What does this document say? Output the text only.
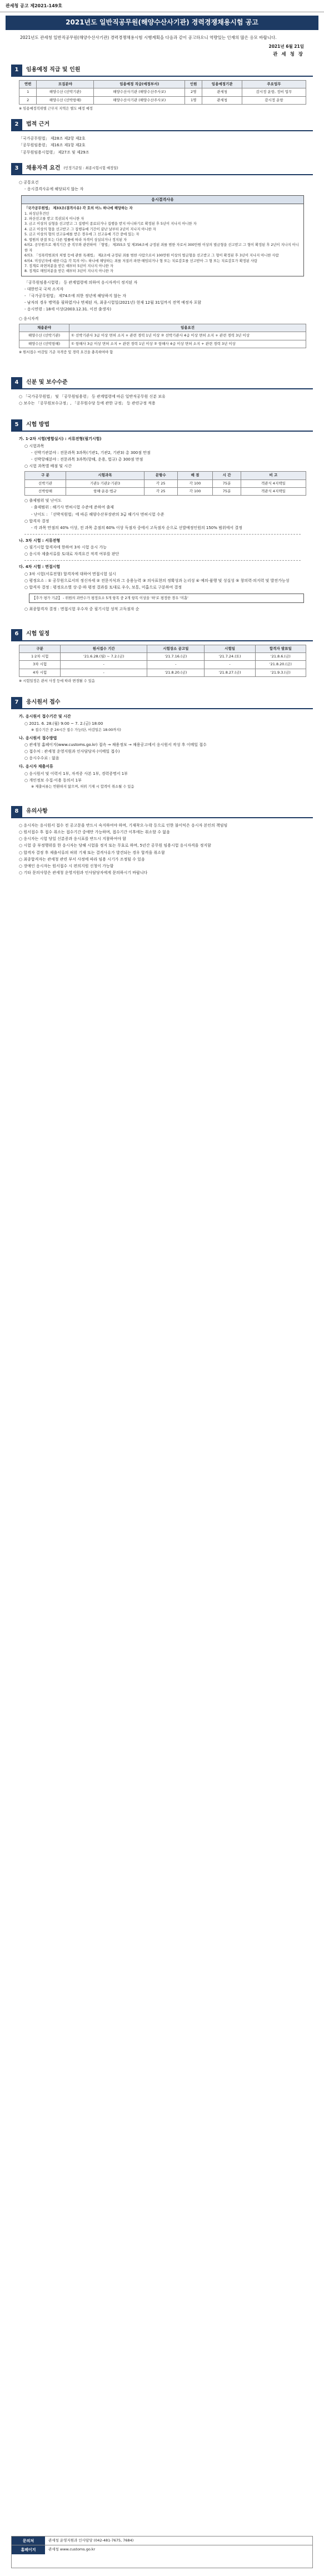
관세청 공고 제2021-149호
2021년도 일반직공무원(해양수산사기관) 경력경쟁채용시험 공고

2021년도 관세청 일반직공무원(해양수산사기관) 경력경쟁채용시험 시행계획을 다음과 같이 공고하오니 역량있는 인재의 많은 응모 바랍니다.

2021년 6월 21일

관 세 청 장

1	임용예정 직급 및 인원
연번	모집분야	임용예정 직급(예정부서)	인원	임용예정기관	주요업무
1	해양수산 (선박기관)	해양수산사기관 (해양수산주사보)	2명	관세청	감시정 운항, 정비 업무
2	해양수산 (선박항해)	해양수산사기관 (해양수산주사보)	1명	관세청	감시정 운항

※ 임용예정직위별 근무지 지역은 별도 배정 예정

2	법적 근거

「국가공무원법」 제28조 제2항 제2호

「공무원임용령」 제16조 제1항 제2호

「공무원임용시험령」 제27조 및 제29조

3	채용자격 요건 (인정기준일 : 최종시험시험 예정일)

○ 공통요건

- 응시결격사유에 해당되지 않는 자

응시결격사유
「국가공무원법」 제33조(결격사유) 각 호의 어느 하나에 해당하는 자
1. 피성년후견인
2. 파산선고를 받고 복권되지 아니한 자
3. 금고 이상의 실형을 선고받고 그 집행이 종료되거나 집행을 받지 아니하기로 확정된 후 5년이 지나지 아니한 자
4. 금고 이상의 형을 선고받고 그 집행유예 기간이 끝난 날부터 2년이 지나지 아니한 자
5. 금고 이상의 형의 선고유예를 받은 경우에 그 선고유예 기간 중에 있는 자
6. 법원의 판결 또는 다른 법률에 따라 자격이 상실되거나 정지된 자
6의2. 공무원으로 재직기간 중 직무와 관련하여 「형법」 제355조 및 제356조에 규정된 죄를 범한 자로서 300만원 이상의 벌금형을 선고받고 그 형이 확정된 후 2년이 지나지 아니한 자
6의3. 「성폭력범죄의 처벌 등에 관한 특례법」 제2조에 규정된 죄를 범한 사람으로서 100만원 이상의 벌금형을 선고받고 그 형이 확정된 후 3년이 지나지 아니한 사람
6의4. 미성년자에 대한 다음 각 목의 어느 하나에 해당하는 죄를 저질러 파면·해임되거나 형 또는 치료감호를 선고받아 그 형 또는 치료감호가 확정된 사람
7. 징계로 파면처분을 받은 때부터 5년이 지나지 아니한 자
8. 징계로 해임처분을 받은 때부터 3년이 지나지 아니한 자

「공무원임용시험령」 등 관계법령에 의하여 응시자격이 정지된 자

- 대한민국 국적 소지자

- 「국가공무원법」 제74조에 의한 정년에 해당하지 않는 자

- 남자의 경우 병역을 필하였거나 면제된 자, 최종시험일(2021년) 현재 12월 31일까지 전역 예정자 포함

- 응시연령 : 18세 이상(2003.12.31. 이전 출생자)

○ 응시자격

채용분야	임용요건
해양수산 (선박기관)	① 선박기관사 3급 이상 면허 소지 + 관련 경력 1년 이상 ② 선박기관사 4급 이상 면허 소지 + 관련 경력 3년 이상
해양수산 (선박항해)	① 항해사 3급 이상 면허 소지 + 관련 경력 1년 이상 ② 항해사 4급 이상 면허 소지 + 관련 경력 3년 이상

※ 원서접수 마감일 기준 자격증 및 경력 요건을 충족하여야 함

4	신분 및 보수수준

○ 「국가공무원법」 및 「공무원임용령」 등 관계법령에 따른 일반직공무원 신분 보유

○ 보수는 「공무원보수규정」, 「공무원수당 등에 관한 규정」 등 관련규정 적용

5	시험 방법

가. 1·2차 시험(병합실시) : 서류전형(필기시험)

○ 시험과목

- 선박기관분야 : 전문과목 3과목(기관1, 기관2, 기관3) 총 300점 만점

- 선박항해분야 : 전문과목 3과목(항해, 운용, 법규) 총 300점 만점

○ 시험 과목별 배점 및 시간

구 분	시험과목	문항수	배 점	시 간	비 고
선박기관	기관1·기관2·기관3	각 25	각 100	75분	객관식 4지택일
선박항해	항해·운용·법규	각 25	각 100	75분	객관식 4지택일

○ 출제범위 및 난이도

- 출제범위 : 해기사 면허시험 수준에 준하여 출제

- 난이도 : 「선박직원법」에 따른 해양수산부장관의 3급 해기사 면허시험 수준

○ 합격자 결정

- 각 과목 만점의 40% 이상, 전 과목 총점의 60% 이상 득점자 중에서 고득점자 순으로 선발예정인원의 150% 범위에서 결정

나. 3차 시험 : 서류전형

○ 필기시험 합격자에 한하여 3차 시험 응시 가능

○ 응시자 제출서류를 토대로 자격요건 적격 여부를 판단

다. 4차 시험 : 면접시험

○ 3차 시험(서류전형) 합격자에 대하여 면접시험 실시

○ 평정요소 : ① 공무원으로서의 정신자세 ② 전문지식과 그 응용능력 ③ 의사표현의 정확성과 논리성 ④ 예의·품행 및 성실성 ⑤ 창의력·의지력 및 발전가능성

○ 합격자 결정 : 평정요소별 상·중·하 평정 결과를 토대로 우수, 보통, 미흡으로 구분하여 결정

【추가 평가 기준】 - 위원의 과반수가 평정요소 5개 항목 중 2개 항목 이상을 '하'로 평정한 경우 '미흡'

○ 최종합격자 결정 : 면접시험 우수자 중 필기시험 성적 고득점자 순

6	시험 일정
구분	원서접수 기간	시험장소 공고일	시험일	합격자 발표일
1·2차 시험	'21.6.28.(월) ~ 7.2.(금)	'21.7.16.(금)	'21.7.24.(토)	'21.8.6.(금)
3차 시험	-	-	-	'21.8.20.(금)
4차 시험	-	'21.8.20.(금)	'21.8.27.(금)	'21.9.3.(금)

※ 시험일정은 관서 사정 등에 따라 변경될 수 있음

7	응시원서 접수

가. 응시원서 접수기간 및 시간

○ 2021. 6. 28.(월) 9:00 ~ 7. 2.(금) 18:00

※ 접수기간 중 24시간 접수 가능(단, 마감일은 18:00까지)

나. 응시원서 접수방법

○ 관세청 홈페이지(www.customs.go.kr) 접속 → 채용정보 → 채용공고에서 응시원서 작성 후 이메일 접수

○ 접수처 : 관세청 운영지원과 인사담당자 (이메일 접수)

○ 응시수수료 : 없음

다. 응시자 제출서류

○ 응시원서 및 이력서 1부, 자격증 사본 1부, 경력증명서 1부

○ 개인정보 수집·이용 동의서 1부

※ 제출서류는 반환하지 않으며, 허위 기재 시 합격이 취소될 수 있음

8	유의사항

○ 응시자는 응시원서 접수 전 공고문을 반드시 숙지하여야 하며, 기재착오·누락 등으로 인한 불이익은 응시자 본인의 책임임

○ 원서접수 후 접수 취소는 접수기간 중에만 가능하며, 접수기간 이후에는 취소할 수 없음

○ 응시자는 시험 당일 신분증과 응시표를 반드시 지참하여야 함

○ 시험 중 부정행위를 한 응시자는 당해 시험을 정지 또는 무효로 하며, 5년간 공무원 임용시험 응시자격을 정지함

○ 합격자 결정 후 제출서류의 허위 기재 또는 결격사유가 발견되는 경우 합격을 취소함

○ 최종합격자는 관세청 관련 부서 사정에 따라 임용 시기가 조정될 수 있음

○ 장애인 응시자는 원서접수 시 편의지원 신청이 가능함

○ 기타 문의사항은 관세청 운영지원과 인사담당자에게 문의하시기 바랍니다

문의처	관세청 운영지원과 인사담당 (042-481-7675, 7684)
홈페이지	관세청 www.customs.go.kr
